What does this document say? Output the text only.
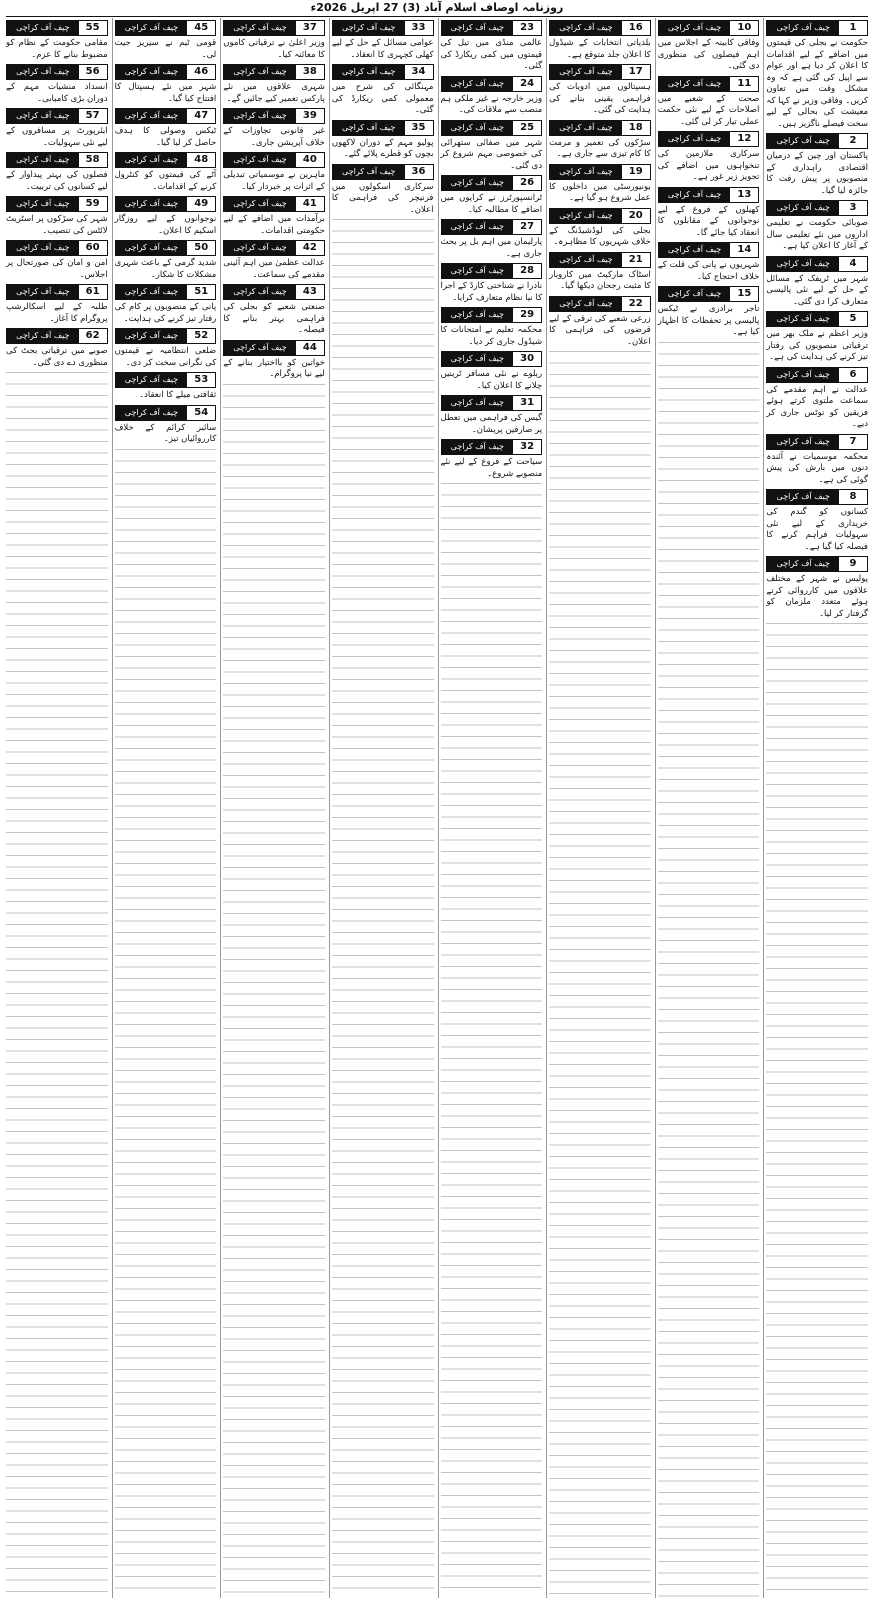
روزنامہ اوصاف اسلام آباد (3) 27 اپریل 2026ء
1
چیف آف کراچی
حکومت نے بجلی کی قیمتوں میں اضافے کے لیے اقدامات کا اعلان کر دیا ہے اور عوام سے اپیل کی گئی ہے کہ وہ مشکل وقت میں تعاون کریں۔ وفاقی وزیر نے کہا کہ معیشت کی بحالی کے لیے سخت فیصلے ناگزیر ہیں۔
2
چیف آف کراچی
پاکستان اور چین کے درمیان اقتصادی راہداری کے منصوبوں پر پیش رفت کا جائزہ لیا گیا۔
3
چیف آف کراچی
صوبائی حکومت نے تعلیمی اداروں میں نئے تعلیمی سال کے آغاز کا اعلان کیا ہے۔
4
چیف آف کراچی
شہر میں ٹریفک کے مسائل کے حل کے لیے نئی پالیسی متعارف کرا دی گئی۔
5
چیف آف کراچی
وزیر اعظم نے ملک بھر میں ترقیاتی منصوبوں کی رفتار تیز کرنے کی ہدایت کی ہے۔
6
چیف آف کراچی
عدالت نے اہم مقدمے کی سماعت ملتوی کرتے ہوئے فریقین کو نوٹس جاری کر دیے۔
7
چیف آف کراچی
محکمہ موسمیات نے آئندہ دنوں میں بارش کی پیش گوئی کی ہے۔
8
چیف آف کراچی
کسانوں کو گندم کی خریداری کے لیے نئی سہولیات فراہم کرنے کا فیصلہ کیا گیا ہے۔
9
چیف آف کراچی
پولیس نے شہر کے مختلف علاقوں میں کارروائی کرتے ہوئے متعدد ملزمان کو گرفتار کر لیا۔
10
چیف آف کراچی
وفاقی کابینہ کے اجلاس میں اہم فیصلوں کی منظوری دی گئی۔
11
چیف آف کراچی
صحت کے شعبے میں اصلاحات کے لیے نئی حکمت عملی تیار کر لی گئی۔
12
چیف آف کراچی
سرکاری ملازمین کی تنخواہوں میں اضافے کی تجویز زیر غور ہے۔
13
چیف آف کراچی
کھیلوں کے فروغ کے لیے نوجوانوں کے مقابلوں کا انعقاد کیا جائے گا۔
14
چیف آف کراچی
شہریوں نے پانی کی قلت کے خلاف احتجاج کیا۔
15
چیف آف کراچی
تاجر برادری نے ٹیکس پالیسی پر تحفظات کا اظہار کیا ہے۔
16
چیف آف کراچی
بلدیاتی انتخابات کے شیڈول کا اعلان جلد متوقع ہے۔
17
چیف آف کراچی
ہسپتالوں میں ادویات کی فراہمی یقینی بنانے کی ہدایت کی گئی۔
18
چیف آف کراچی
سڑکوں کی تعمیر و مرمت کا کام تیزی سے جاری ہے۔
19
چیف آف کراچی
یونیورسٹی میں داخلوں کا عمل شروع ہو گیا ہے۔
20
چیف آف کراچی
بجلی کی لوڈشیڈنگ کے خلاف شہریوں کا مظاہرہ۔
21
چیف آف کراچی
اسٹاک مارکیٹ میں کاروبار کا مثبت رجحان دیکھا گیا۔
22
چیف آف کراچی
زرعی شعبے کی ترقی کے لیے قرضوں کی فراہمی کا اعلان۔
23
چیف آف کراچی
عالمی منڈی میں تیل کی قیمتوں میں کمی ریکارڈ کی گئی۔
24
چیف آف کراچی
وزیر خارجہ نے غیر ملکی ہم منصب سے ملاقات کی۔
25
چیف آف کراچی
شہر میں صفائی ستھرائی کی خصوصی مہم شروع کر دی گئی۔
26
چیف آف کراچی
ٹرانسپورٹرز نے کرایوں میں اضافے کا مطالبہ کیا۔
27
چیف آف کراچی
پارلیمان میں اہم بل پر بحث جاری ہے۔
28
چیف آف کراچی
نادرا نے شناختی کارڈ کے اجرا کا نیا نظام متعارف کرایا۔
29
چیف آف کراچی
محکمہ تعلیم نے امتحانات کا شیڈول جاری کر دیا۔
30
چیف آف کراچی
ریلوے نے نئی مسافر ٹرینیں چلانے کا اعلان کیا۔
31
چیف آف کراچی
گیس کی فراہمی میں تعطل پر صارفین پریشان۔
32
چیف آف کراچی
سیاحت کے فروغ کے لیے نئے منصوبے شروع۔
33
چیف آف کراچی
عوامی مسائل کے حل کے لیے کھلی کچہری کا انعقاد۔
34
چیف آف کراچی
مہنگائی کی شرح میں معمولی کمی ریکارڈ کی گئی۔
35
چیف آف کراچی
پولیو مہم کے دوران لاکھوں بچوں کو قطرے پلائے گئے۔
36
چیف آف کراچی
سرکاری اسکولوں میں فرنیچر کی فراہمی کا اعلان۔
37
چیف آف کراچی
وزیر اعلیٰ نے ترقیاتی کاموں کا معائنہ کیا۔
38
چیف آف کراچی
شہری علاقوں میں نئے پارکس تعمیر کیے جائیں گے۔
39
چیف آف کراچی
غیر قانونی تجاوزات کے خلاف آپریشن جاری۔
40
چیف آف کراچی
ماہرین نے موسمیاتی تبدیلی کے اثرات پر خبردار کیا۔
41
چیف آف کراچی
برآمدات میں اضافے کے لیے حکومتی اقدامات۔
42
چیف آف کراچی
عدالت عظمیٰ میں اہم آئینی مقدمے کی سماعت۔
43
چیف آف کراچی
صنعتی شعبے کو بجلی کی فراہمی بہتر بنانے کا فیصلہ۔
44
چیف آف کراچی
خواتین کو بااختیار بنانے کے لیے نیا پروگرام۔
45
چیف آف کراچی
قومی ٹیم نے سیریز جیت لی۔
46
چیف آف کراچی
شہر میں نئے ہسپتال کا افتتاح کیا گیا۔
47
چیف آف کراچی
ٹیکس وصولی کا ہدف حاصل کر لیا گیا۔
48
چیف آف کراچی
آٹے کی قیمتوں کو کنٹرول کرنے کے اقدامات۔
49
چیف آف کراچی
نوجوانوں کے لیے روزگار اسکیم کا اعلان۔
50
چیف آف کراچی
شدید گرمی کے باعث شہری مشکلات کا شکار۔
51
چیف آف کراچی
پانی کے منصوبوں پر کام کی رفتار تیز کرنے کی ہدایت۔
52
چیف آف کراچی
ضلعی انتظامیہ نے قیمتوں کی نگرانی سخت کر دی۔
53
چیف آف کراچی
ثقافتی میلے کا انعقاد۔
54
چیف آف کراچی
سائبر کرائم کے خلاف کارروائیاں تیز۔
55
چیف آف کراچی
مقامی حکومت کے نظام کو مضبوط بنانے کا عزم۔
56
چیف آف کراچی
انسداد منشیات مہم کے دوران بڑی کامیابی۔
57
چیف آف کراچی
ایئرپورٹ پر مسافروں کے لیے نئی سہولیات۔
58
چیف آف کراچی
فصلوں کی بہتر پیداوار کے لیے کسانوں کی تربیت۔
59
چیف آف کراچی
شہر کی سڑکوں پر اسٹریٹ لائٹس کی تنصیب۔
60
چیف آف کراچی
امن و امان کی صورتحال پر اجلاس۔
61
چیف آف کراچی
طلبہ کے لیے اسکالرشپ پروگرام کا آغاز۔
62
چیف آف کراچی
صوبے میں ترقیاتی بجٹ کی منظوری دے دی گئی۔
